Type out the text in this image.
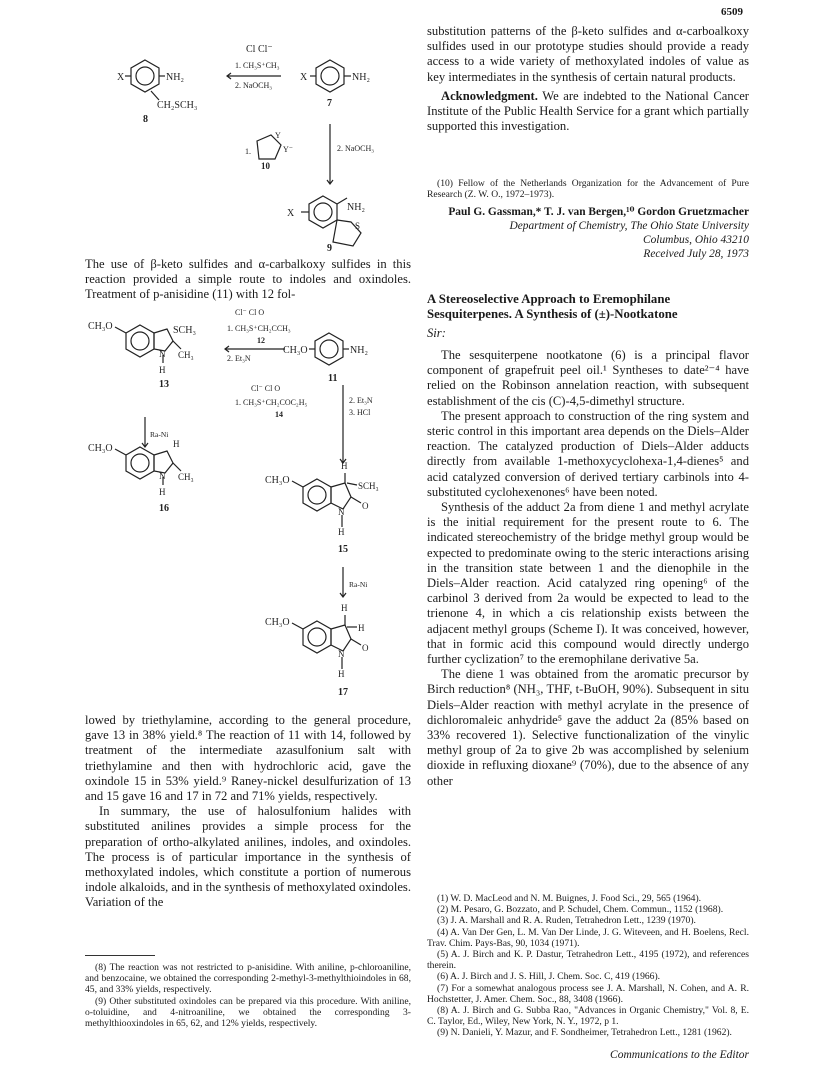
6509
Cl Cl⁻
1. CH₃S⁺CH₃
2. NaOCH₃
X	NH₂
CH₂SCH₃
8
X	NH₂
7
1.
Y
Y⁻
10
2. NaOCH₃
X
NH₂
S
9

The use of β-keto sulfides and α-carbalkoxy sulfides in this reaction provided a simple route to indoles and oxindoles. Treatment of p-anisidine (11) with 12 fol-

CH₃O	SCH₃
CH₃
N
H
13
Cl⁻ Cl O
1. CH₃S⁺CH₂CCH₃
12
2. Et₃N
CH₃O	NH₂
11
Ra-Ni
Cl⁻ Cl O
1. CH₃S⁺CH₂COC₂H₅
14
2. Et₃N
3. HCl
CH₃O	H
CH₃
N
H
16
CH₃O
H
SCH₃
O
N
H
15
Ra-Ni
CH₃O
H
H
O
N
H
17

lowed by triethylamine, according to the general procedure, gave 13 in 38% yield.⁸ The reaction of 11 with 14, followed by treatment of the intermediate azasulfonium salt with triethylamine and then with hydrochloric acid, gave the oxindole 15 in 53% yield.⁹ Raney-nickel desulfurization of 13 and 15 gave 16 and 17 in 72 and 71% yields, respectively.

In summary, the use of halosulfonium halides with substituted anilines provides a simple process for the preparation of ortho-alkylated anilines, indoles, and oxindoles. The process is of particular importance in the synthesis of methoxylated indoles, which constitute a portion of numerous indole alkaloids, and in the synthesis of methoxylated oxindoles. Variation of the

(8) The reaction was not restricted to p-anisidine. With aniline, p-chloroaniline, and benzocaine, we obtained the corresponding 2-methyl-3-methylthioindoles in 68, 45, and 33% yields, respectively.

(9) Other substituted oxindoles can be prepared via this procedure. With aniline, o-toluidine, and 4-nitroaniline, we obtained the corresponding 3-methylthiooxindoles in 65, 62, and 12% yields, respectively.

substitution patterns of the β-keto sulfides and α-carboalkoxy sulfides used in our prototype studies should provide a ready access to a wide variety of methoxylated indoles of value as key intermediates in the synthesis of certain natural products.

Acknowledgment. We are indebted to the National Cancer Institute of the Public Health Service for a grant which partially supported this investigation.

(10) Fellow of the Netherlands Organization for the Advancement of Pure Research (Z. W. O., 1972–1973).

Paul G. Gassman,* T. J. van Bergen,¹⁰ Gordon Gruetzmacher
Department of Chemistry, The Ohio State University
Columbus, Ohio 43210
Received July 28, 1973
A Stereoselective Approach to Eremophilane Sesquiterpenes. A Synthesis of (±)-Nootkatone
Sir:

The sesquiterpene nootkatone (6) is a principal flavor component of grapefruit peel oil.¹ Syntheses to date²⁻⁴ have relied on the Robinson annelation reaction, with subsequent establishment of the cis (C)-4,5-dimethyl structure.

The present approach to construction of the ring system and steric control in this important area depends on the Diels–Alder reaction. The catalyzed production of Diels–Alder adducts directly from available 1-methoxycyclohexa-1,4-dienes⁵ and acid catalyzed conversion of derived tertiary carbinols into 4-substituted cyclohexenones⁶ have been noted.

Synthesis of the adduct 2a from diene 1 and methyl acrylate is the initial requirement for the present route to 6. The indicated stereochemistry of the bridge methyl group would be expected to predominate owing to the steric interactions arising in the transition state between 1 and the dienophile in the Diels–Alder reaction. Acid catalyzed ring opening⁶ of the carbinol 3 derived from 2a would be expected to lead to the trienone 4, in which a cis relationship exists between the adjacent methyl groups (Scheme I). It was conceived, however, that in formic acid this compound would directly undergo further cyclization⁷ to the eremophilane derivative 5a.

The diene 1 was obtained from the aromatic precursor by Birch reduction⁸ (NH₃, THF, t-BuOH, 90%). Subsequent in situ Diels–Alder reaction with methyl acrylate in the presence of dichloromaleic anhydride⁵ gave the adduct 2a (85% based on 33% recovered 1). Selective functionalization of the vinylic methyl group of 2a to give 2b was accomplished by selenium dioxide in refluxing dioxane⁹ (70%), due to the absence of any other

(1) W. D. MacLeod and N. M. Buignes, J. Food Sci., 29, 565 (1964).

(2) M. Pesaro, G. Bozzato, and P. Schudel, Chem. Commun., 1152 (1968).

(3) J. A. Marshall and R. A. Ruden, Tetrahedron Lett., 1239 (1970).

(4) A. Van Der Gen, L. M. Van Der Linde, J. G. Witeveen, and H. Boelens, Recl. Trav. Chim. Pays-Bas, 90, 1034 (1971).

(5) A. J. Birch and K. P. Dastur, Tetrahedron Lett., 4195 (1972), and references therein.

(6) A. J. Birch and J. S. Hill, J. Chem. Soc. C, 419 (1966).

(7) For a somewhat analogous process see J. A. Marshall, N. Cohen, and A. R. Hochstetter, J. Amer. Chem. Soc., 88, 3408 (1966).

(8) A. J. Birch and G. Subba Rao, "Advances in Organic Chemistry," Vol. 8, E. C. Taylor, Ed., Wiley, New York, N. Y., 1972, p 1.

(9) N. Danieli, Y. Mazur, and F. Sondheimer, Tetrahedron Lett., 1281 (1962).

Communications to the Editor
